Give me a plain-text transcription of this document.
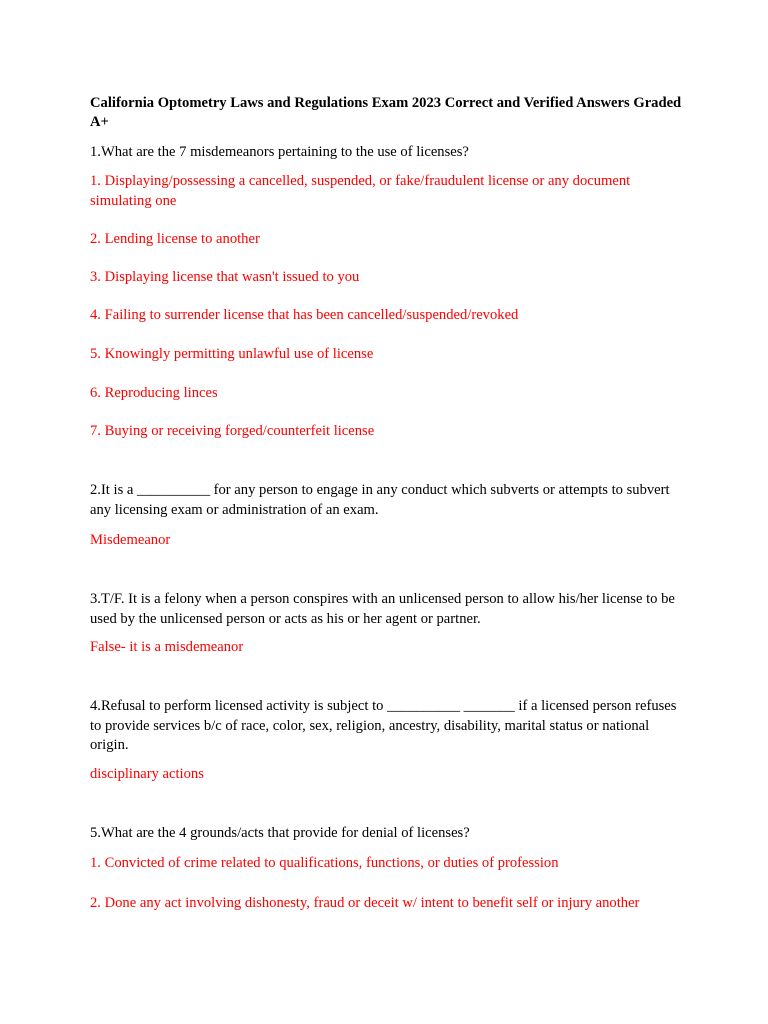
California Optometry Laws and Regulations Exam 2023 Correct and Verified Answers Graded A+
1.What are the 7 misdemeanors pertaining to the use of licenses?
1. Displaying/possessing a cancelled, suspended, or fake/fraudulent license or any document simulating one
2. Lending license to another
3. Displaying license that wasn't issued to you
4. Failing to surrender license that has been cancelled/suspended/revoked
5. Knowingly permitting unlawful use of license
6. Reproducing linces
7. Buying or receiving forged/counterfeit license
2.It is a __________ for any person to engage in any conduct which subverts or attempts to subvert any licensing exam or administration of an exam.
Misdemeanor
3.T/F. It is a felony when a person conspires with an unlicensed person to allow his/her license to be used by the unlicensed person or acts as his or her agent or partner.
False- it is a misdemeanor
4.Refusal to perform licensed activity is subject to __________ _______ if a licensed person refuses to provide services b/c of race, color, sex, religion, ancestry, disability, marital status or national origin.
disciplinary actions
5.What are the 4 grounds/acts that provide for denial of licenses?
1. Convicted of crime related to qualifications, functions, or duties of profession
2. Done any act involving dishonesty, fraud or deceit w/ intent to benefit self or injury another
